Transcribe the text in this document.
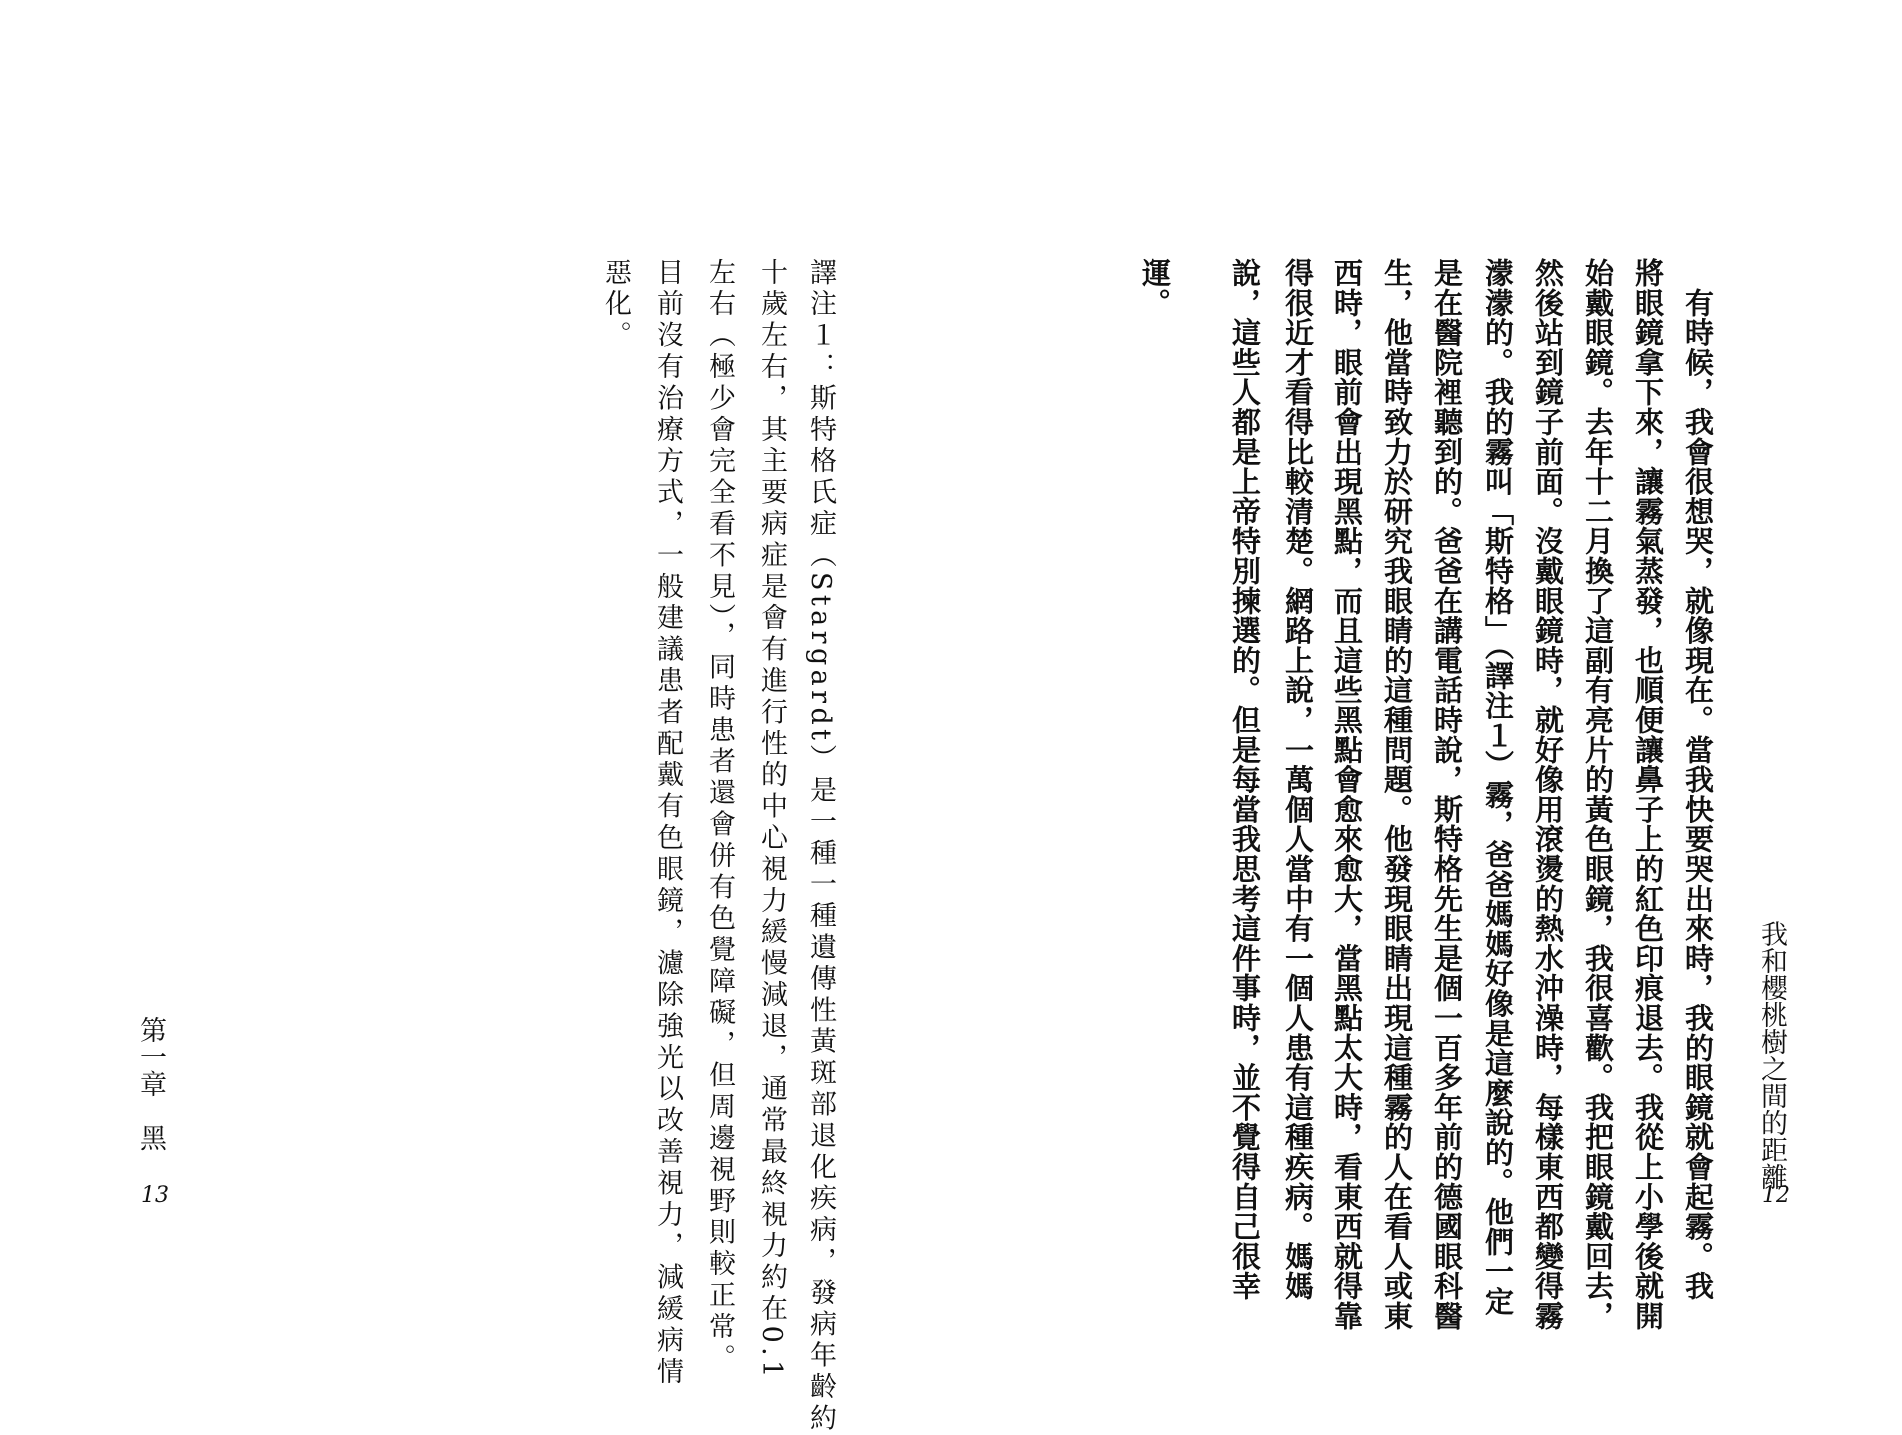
我和櫻桃樹之間的距離
12
　有時候，我會很想哭，就像現在。當我快要哭出來時，我的眼鏡就會起霧。我
將眼鏡拿下來，讓霧氣蒸發，也順便讓鼻子上的紅色印痕退去。我從上小學後就開
始戴眼鏡。去年十二月換了這副有亮片的黃色眼鏡，我很喜歡。我把眼鏡戴回去，
然後站到鏡子前面。沒戴眼鏡時，就好像用滾燙的熱水沖澡時，每樣東西都變得霧
濛濛的。我的霧叫「斯特格」（譯注１）霧，爸爸媽媽好像是這麼說的。他們一定
是在醫院裡聽到的。爸爸在講電話時說，斯特格先生是個一百多年前的德國眼科醫
生，他當時致力於研究我眼睛的這種問題。他發現眼睛出現這種霧的人在看人或東
西時，眼前會出現黑點，而且這些黑點會愈來愈大，當黑點太大時，看東西就得靠
得很近才看得比較清楚。網路上說，一萬個人當中有一個人患有這種疾病。媽媽
說，這些人都是上帝特別揀選的。但是每當我思考這件事時，並不覺得自己很幸
運。
譯注１：斯特格氏症（Stargardt）是一種一種遺傳性黃斑部退化疾病，發病年齡約
十歲左右，其主要病症是會有進行性的中心視力緩慢減退，通常最終視力約在0.1
左右（極少會完全看不見），同時患者還會併有色覺障礙，但周邊視野則較正常。
目前沒有治療方式，一般建議患者配戴有色眼鏡，濾除強光以改善視力，減緩病情
惡化。
第一章　黑
13
